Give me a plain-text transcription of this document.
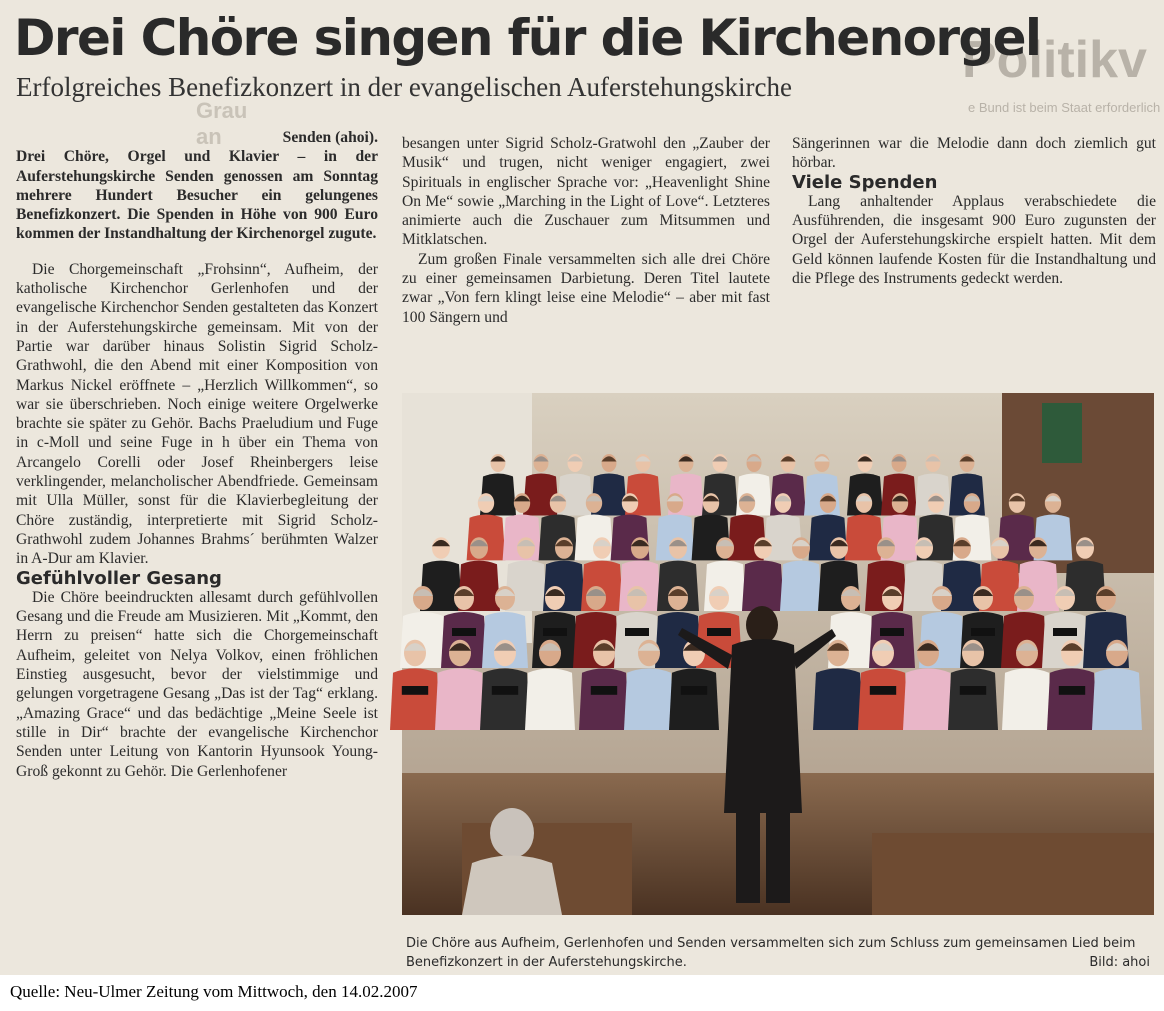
Politikv
e Bund ist beim Staat erforderlich
Grau an
Drei Chöre singen für die Kirchenorgel
Erfolgreiches Benefizkonzert in der evangelischen Auferstehungskirche
Senden (ahoi).
Drei Chöre, Orgel und Klavier – in der Auferstehungskirche Senden genossen am Sonntag mehrere Hundert Besucher ein gelungenes Benefizkonzert. Die Spenden in Höhe von 900 Euro kommen der Instandhaltung der Kirchenorgel zugute.

Die Chorgemeinschaft „Frohsinn“, Aufheim, der katholische Kirchenchor Gerlenhofen und der evangelische Kirchenchor Senden gestalteten das Konzert in der Auferstehungskirche gemeinsam. Mit von der Partie war darüber hinaus Solistin Sigrid Scholz-Grathwohl, die den Abend mit einer Komposition von Markus Nickel eröffnete – „Herzlich Willkommen“, so war sie überschrieben. Noch einige weitere Orgelwerke brachte sie später zu Gehör. Bachs Praeludium und Fuge in c-Moll und seine Fuge in h über ein Thema von Arcangelo Corelli oder Josef Rheinbergers leise verklingender, melancholischer Abendfriede. Gemeinsam mit Ulla Müller, sonst für die Klavierbegleitung der Chöre zuständig, interpretierte mit Sigrid Scholz-Grathwohl zudem Johannes Brahms´ berühmten Walzer in A-Dur am Klavier.

Gefühlvoller Gesang

Die Chöre beeindruckten allesamt durch gefühlvollen Gesang und die Freude am Musizieren. Mit „Kommt, den Herrn zu preisen“ hatte sich die Chorgemeinschaft Aufheim, geleitet von Nelya Volkov, einen fröhlichen Einstieg ausgesucht, bevor der vielstimmige und gelungen vorgetragene Gesang „Das ist der Tag“ erklang. „Amazing Grace“ und das bedächtige „Meine Seele ist stille in Dir“ brachte der evangelische Kirchenchor Senden unter Leitung von Kantorin Hyunsook Young-Groß gekonnt zu Gehör. Die Gerlenhofener

besangen unter Sigrid Scholz-Gratwohl den „Zauber der Musik“ und trugen, nicht weniger engagiert, zwei Spirituals in englischer Sprache vor: „Heavenlight Shine On Me“ sowie „Marching in the Light of Love“. Letzteres animierte auch die Zuschauer zum Mitsummen und Mitklatschen.

Zum großen Finale versammelten sich alle drei Chöre zu einer gemeinsamen Darbietung. Deren Titel lautete zwar „Von fern klingt leise eine Melodie“ – aber mit fast 100 Sängern und

Sängerinnen war die Melodie dann doch ziemlich gut hörbar.

Viele Spenden

Lang anhaltender Applaus verabschiedete die Ausführenden, die insgesamt 900 Euro zugunsten der Orgel der Auferstehungskirche erspielt hatten. Mit dem Geld können laufende Kosten für die Instandhaltung und die Pflege des Instruments gedeckt werden.

Die Chöre aus Aufheim, Gerlenhofen und Senden versammelten sich zum Schluss zum gemeinsamen Lied beim Benefizkonzert in der Auferstehungskirche.	Bild: ahoi
Quelle: Neu-Ulmer Zeitung vom Mittwoch, den 14.02.2007
